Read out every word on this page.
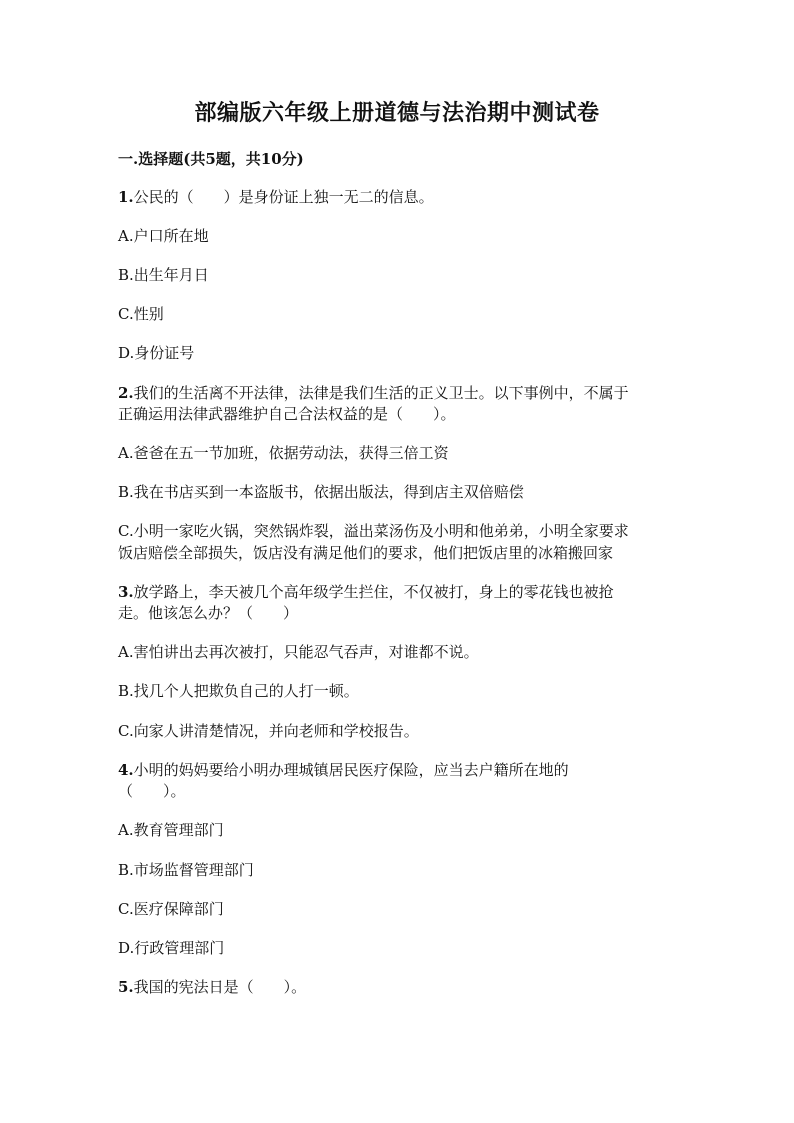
部编版六年级上册道德与法治期中测试卷
一.选择题(共5题，共10分)
1.公民的（　　）是身份证上独一无二的信息。
A.户口所在地
B.出生年月日
C.性别
D.身份证号
2.我们的生活离不开法律，法律是我们生活的正义卫士。以下事例中，不属于
正确运用法律武器维护自己合法权益的是（　　）。
A.爸爸在五一节加班，依据劳动法，获得三倍工资
B.我在书店买到一本盗版书，依据出版法，得到店主双倍赔偿
C.小明一家吃火锅，突然锅炸裂，溢出菜汤伤及小明和他弟弟，小明全家要求
饭店赔偿全部损失，饭店没有满足他们的要求，他们把饭店里的冰箱搬回家
3.放学路上，李天被几个高年级学生拦住，不仅被打，身上的零花钱也被抢
走。他该怎么办？（　　）
A.害怕讲出去再次被打，只能忍气吞声，对谁都不说。
B.找几个人把欺负自己的人打一顿。
C.向家人讲清楚情况，并向老师和学校报告。
4.小明的妈妈要给小明办理城镇居民医疗保险，应当去户籍所在地的
（　　）。
A.教育管理部门
B.市场监督管理部门
C.医疗保障部门
D.行政管理部门
5.我国的宪法日是（　　）。
